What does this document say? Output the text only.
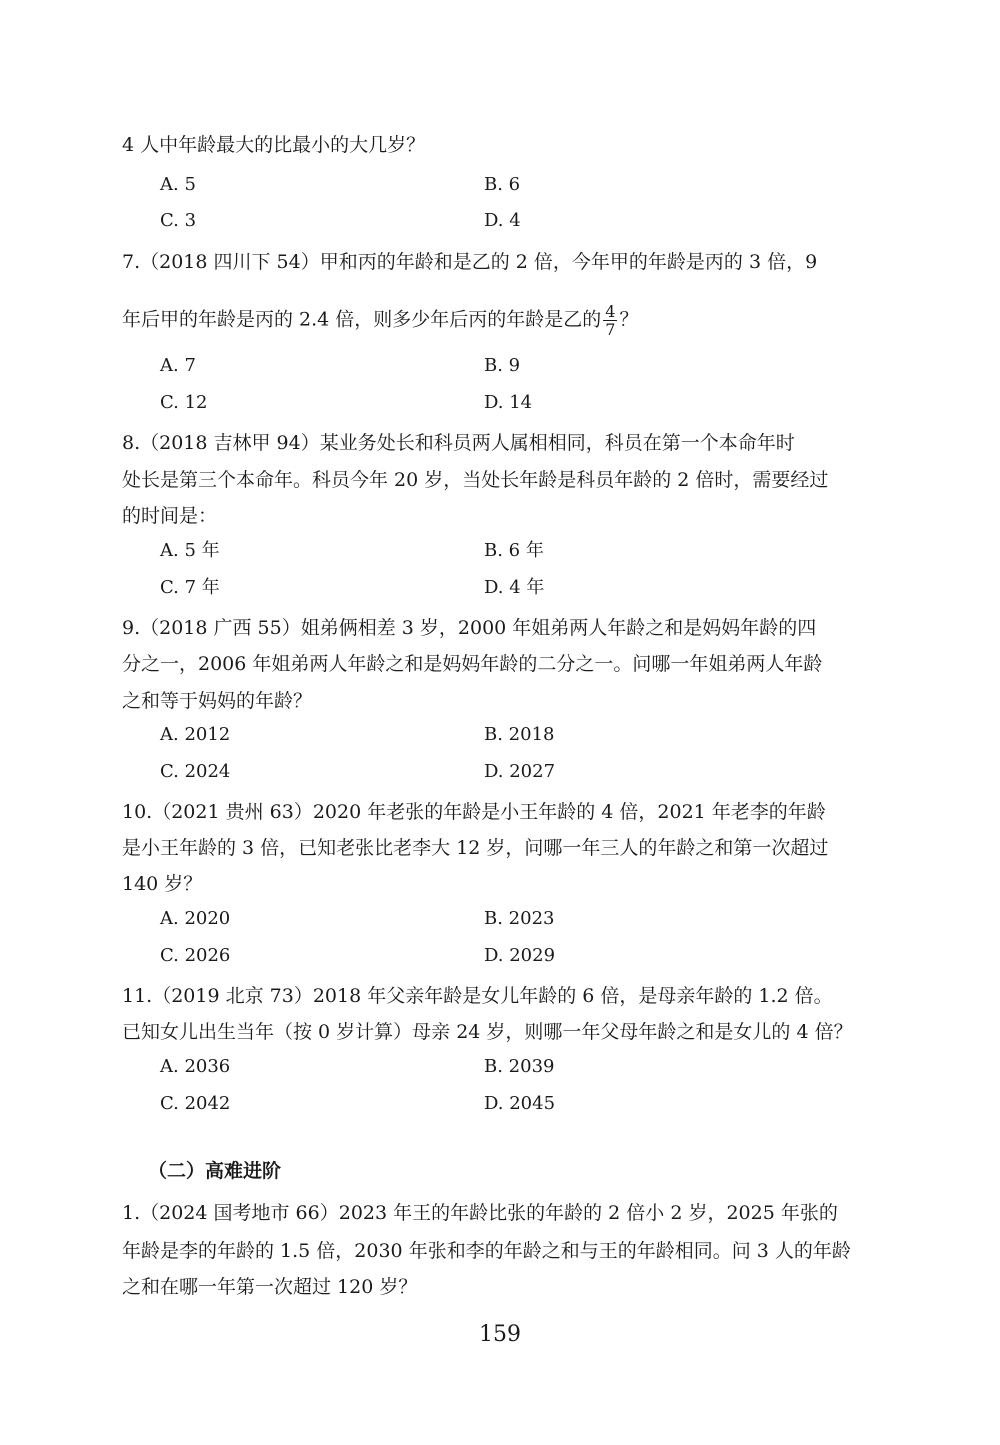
4 人中年龄最大的比最小的大几岁？
A. 5	B. 6
C. 3	D. 4
7.（2018 四川下 54）甲和丙的年龄和是乙的 2 倍，今年甲的年龄是丙的 3 倍，9
年后甲的年龄是丙的 2.4 倍，则多少年后丙的年龄是乙的 $\frac{4}{7}$ ？
A. 7	B. 9
C. 12	D. 14
8.（2018 吉林甲 94）某业务处长和科员两人属相相同，科员在第一个本命年时
处长是第三个本命年。科员今年 20 岁，当处长年龄是科员年龄的 2 倍时，需要经过
的时间是：
A. 5 年	B. 6 年
C. 7 年	D. 4 年
9.（2018 广西 55）姐弟俩相差 3 岁，2000 年姐弟两人年龄之和是妈妈年龄的四
分之一，2006 年姐弟两人年龄之和是妈妈年龄的二分之一。问哪一年姐弟两人年龄
之和等于妈妈的年龄？
A. 2012	B. 2018
C. 2024	D. 2027
10.（2021 贵州 63）2020 年老张的年龄是小王年龄的 4 倍，2021 年老李的年龄
是小王年龄的 3 倍，已知老张比老李大 12 岁，问哪一年三人的年龄之和第一次超过
140 岁？
A. 2020	B. 2023
C. 2026	D. 2029
11.（2019 北京 73）2018 年父亲年龄是女儿年龄的 6 倍，是母亲年龄的 1.2 倍。
已知女儿出生当年（按 0 岁计算）母亲 24 岁，则哪一年父母年龄之和是女儿的 4 倍？
A. 2036	B. 2039
C. 2042	D. 2045
（二）高难进阶
1.（2024 国考地市 66）2023 年王的年龄比张的年龄的 2 倍小 2 岁，2025 年张的
年龄是李的年龄的 1.5 倍，2030 年张和李的年龄之和与王的年龄相同。问 3 人的年龄
之和在哪一年第一次超过 120 岁？
159
